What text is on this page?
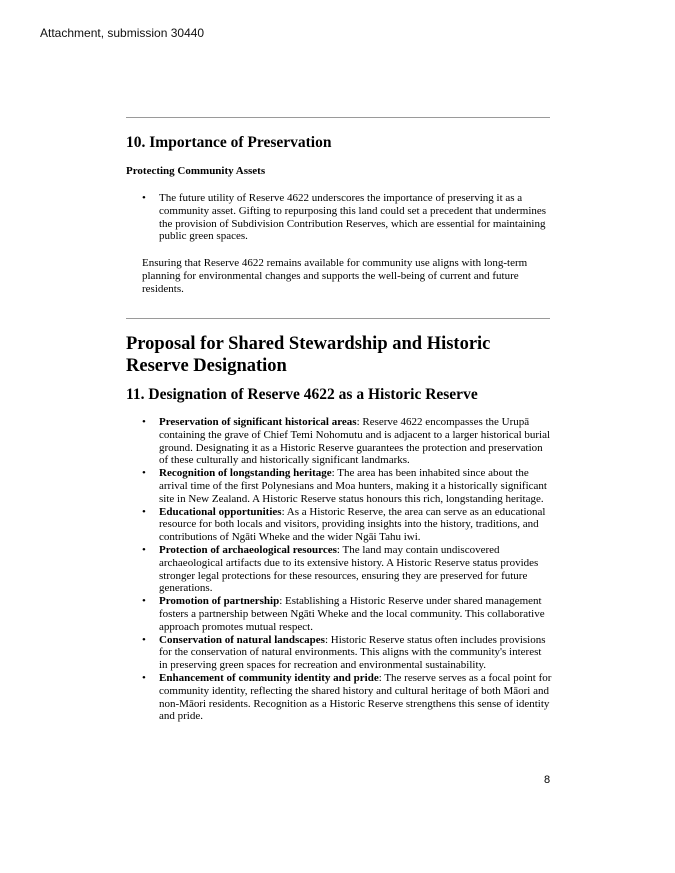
Attachment, submission 30440
10. Importance of Preservation
Protecting Community Assets
• The future utility of Reserve 4622 underscores the importance of preserving it as a community asset. Gifting to repurposing this land could set a precedent that undermines the provision of Subdivision Contribution Reserves, which are essential for maintaining public green spaces.

Ensuring that Reserve 4622 remains available for community use aligns with long-term planning for environmental changes and supports the well-being of current and future residents.

Proposal for Shared Stewardship and Historic Reserve Designation
11. Designation of Reserve 4622 as a Historic Reserve
• Preservation of significant historical areas: Reserve 4622 encompasses the Urupā containing the grave of Chief Temi Nohomutu and is adjacent to a larger historical burial ground. Designating it as a Historic Reserve guarantees the protection and preservation of these culturally and historically significant landmarks.
• Recognition of longstanding heritage: The area has been inhabited since about the arrival time of the first Polynesians and Moa hunters, making it a historically significant site in New Zealand. A Historic Reserve status honours this rich, longstanding heritage.
• Educational opportunities: As a Historic Reserve, the area can serve as an educational resource for both locals and visitors, providing insights into the history, traditions, and contributions of Ngāti Wheke and the wider Ngāi Tahu iwi.
• Protection of archaeological resources: The land may contain undiscovered archaeological artifacts due to its extensive history. A Historic Reserve status provides stronger legal protections for these resources, ensuring they are preserved for future generations.
• Promotion of partnership: Establishing a Historic Reserve under shared management fosters a partnership between Ngāti Wheke and the local community. This collaborative approach promotes mutual respect.
• Conservation of natural landscapes: Historic Reserve status often includes provisions for the conservation of natural environments. This aligns with the community's interest in preserving green spaces for recreation and environmental sustainability.
• Enhancement of community identity and pride: The reserve serves as a focal point for community identity, reflecting the shared history and cultural heritage of both Māori and non-Māori residents. Recognition as a Historic Reserve strengthens this sense of identity and pride.
8
